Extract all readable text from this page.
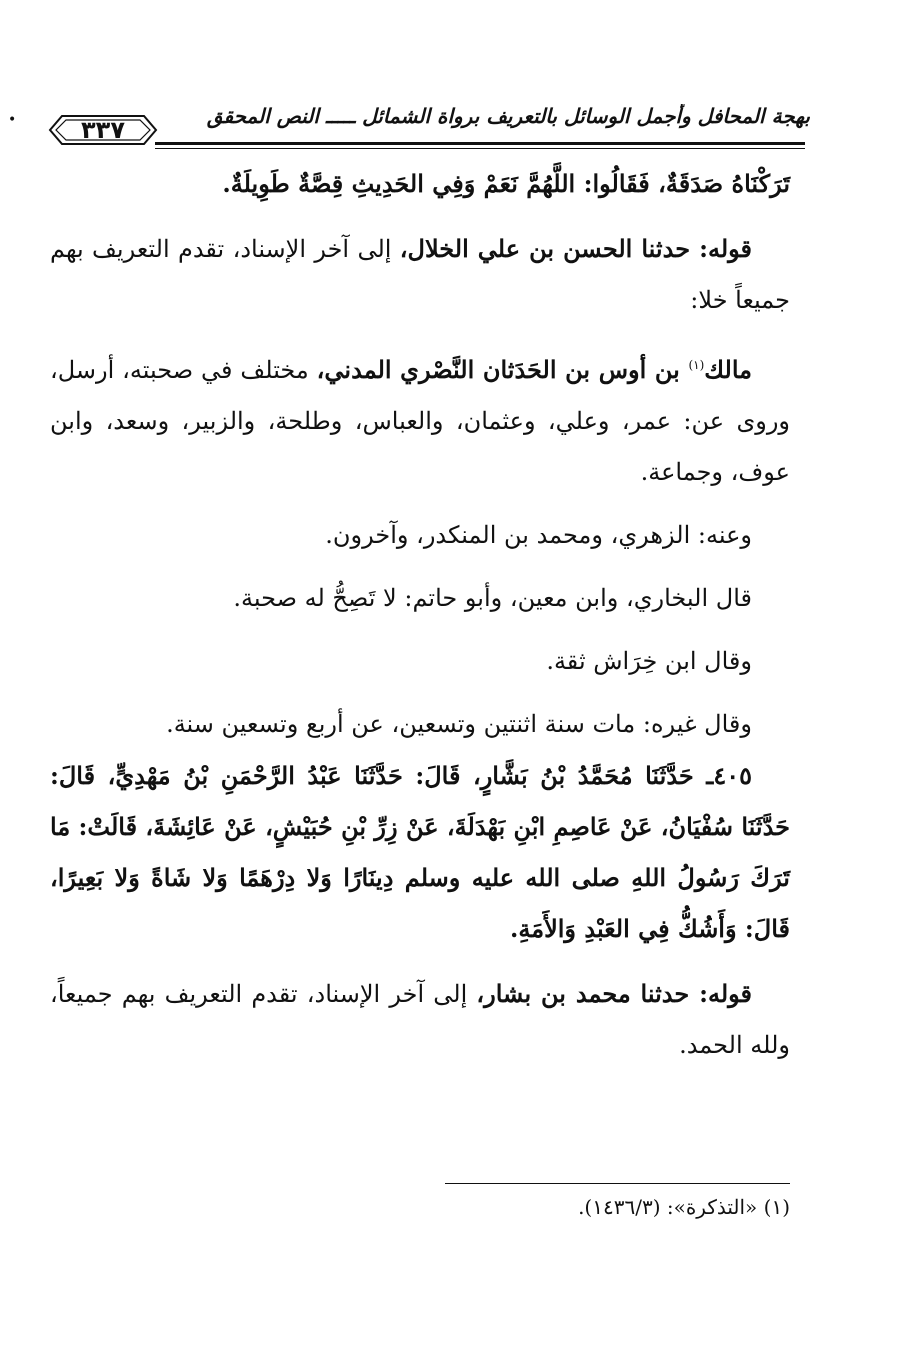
•	٣٣٧	بهجة المحافل وأجمل الوسائل بالتعريف برواة الشمائل ـــــ النص المحقق

تَرَكْنَاهُ صَدَقَةٌ، فَقَالُوا: اللَّهُمَّ نَعَمْ وَفِي الحَدِيثِ قِصَّةٌ طَوِيلَةٌ.

قوله: حدثنا الحسن بن علي الخلال، إلى آخر الإسناد، تقدم التعريف بهم جميعاً خلا:

مالك$^{(١)}$ بن أوس بن الحَدَثان النَّصْري المدني، مختلف في صحبته، أرسل، وروى عن: عمر، وعلي، وعثمان، والعباس، وطلحة، والزبير، وسعد، وابن عوف، وجماعة.

وعنه: الزهري، ومحمد بن المنكدر، وآخرون.

قال البخاري، وابن معين، وأبو حاتم: لا تَصِحُّ له صحبة.

وقال ابن خِرَاش ثقة.

وقال غيره: مات سنة اثنتين وتسعين، عن أربع وتسعين سنة.

٤٠٥ـ حَدَّثَنَا مُحَمَّدُ بْنُ بَشَّارٍ، قَالَ: حَدَّثَنَا عَبْدُ الرَّحْمَنِ بْنُ مَهْدِيٍّ، قَالَ: حَدَّثَنَا سُفْيَانُ، عَنْ عَاصِمِ ابْنِ بَهْدَلَةَ، عَنْ زِرِّ بْنِ حُبَيْشٍ، عَنْ عَائِشَةَ، قَالَتْ: مَا تَرَكَ رَسُولُ اللهِ صلى الله عليه وسلم دِينَارًا وَلا دِرْهَمًا وَلا شَاةً وَلا بَعِيرًا، قَالَ: وَأَشُكُّ فِي العَبْدِ وَالأَمَةِ.

قوله: حدثنا محمد بن بشار، إلى آخر الإسناد، تقدم التعريف بهم جميعاً، ولله الحمد.

(١) «التذكرة»: (١٤٣٦/٣).
